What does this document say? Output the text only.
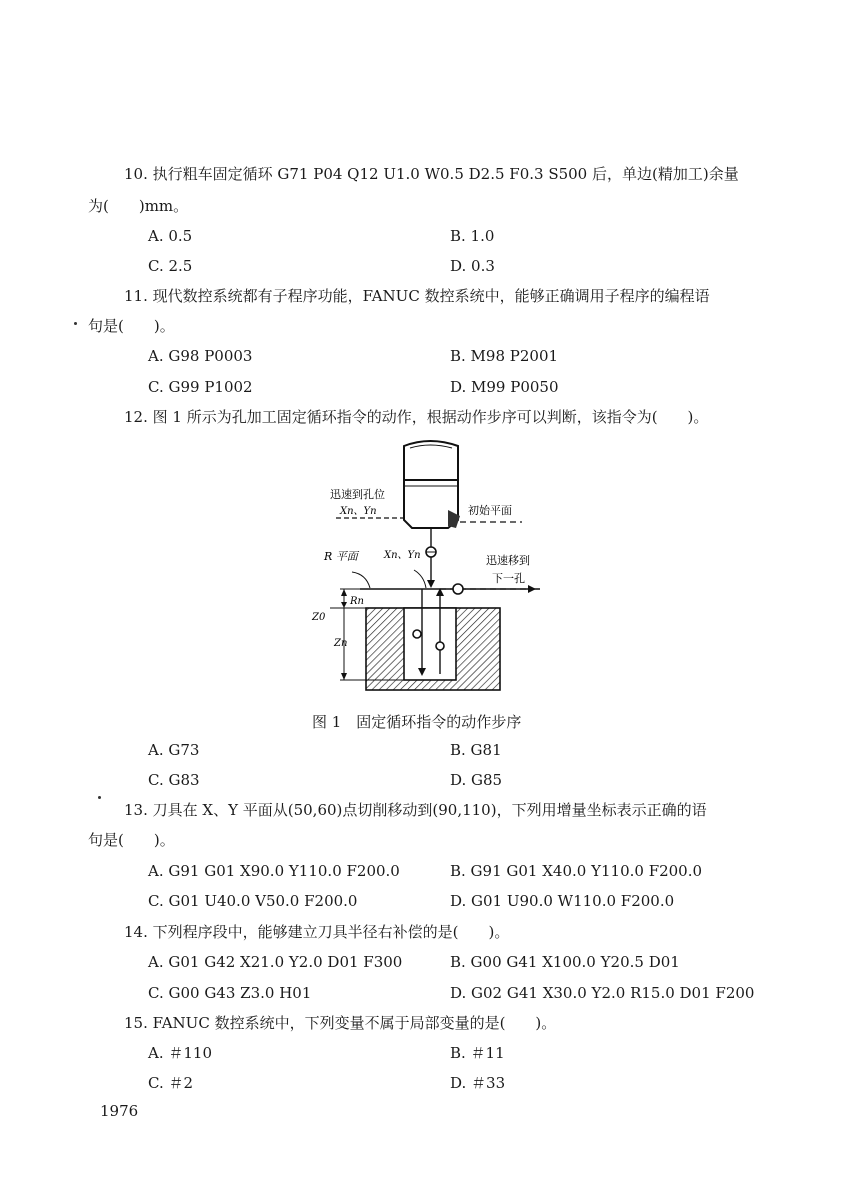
10. 执行粗车固定循环 G71 P04 Q12 U1.0 W0.5 D2.5 F0.3 S500 后，单边(精加工)余量
为(　　)mm。
A. 0.5	B. 1.0
C. 2.5	D. 0.3
11. 现代数控系统都有子程序功能，FANUC 数控系统中，能够正确调用子程序的编程语
句是(　　)。
A. G98 P0003	B. M98 P2001
C. G99 P1002	D. M99 P0050
12. 图 1 所示为孔加工固定循环指令的动作，根据动作步序可以判断，该指令为(　　)。
迅速到孔位
Xn、Yn	初始平面
R 平面	Xn、Yn	迅速移到
下一孔
Rn
Z0
Zn
图 1　固定循环指令的动作步序
A. G73	B. G81
C. G83	D. G85
13. 刀具在 X、Y 平面从(50,60)点切削移动到(90,110)，下列用增量坐标表示正确的语
句是(　　)。
A. G91 G01 X90.0 Y110.0 F200.0	B. G91 G01 X40.0 Y110.0 F200.0
C. G01 U40.0 V50.0 F200.0	D. G01 U90.0 W110.0 F200.0
14. 下列程序段中，能够建立刀具半径右补偿的是(　　)。
A. G01 G42 X21.0 Y2.0 D01 F300	B. G00 G41 X100.0 Y20.5 D01
C. G00 G43 Z3.0 H01	D. G02 G41 X30.0 Y2.0 R15.0 D01 F200
15. FANUC 数控系统中，下列变量不属于局部变量的是(　　)。
A. ＃110	B. ＃11
C. ＃2	D. ＃33
1976
